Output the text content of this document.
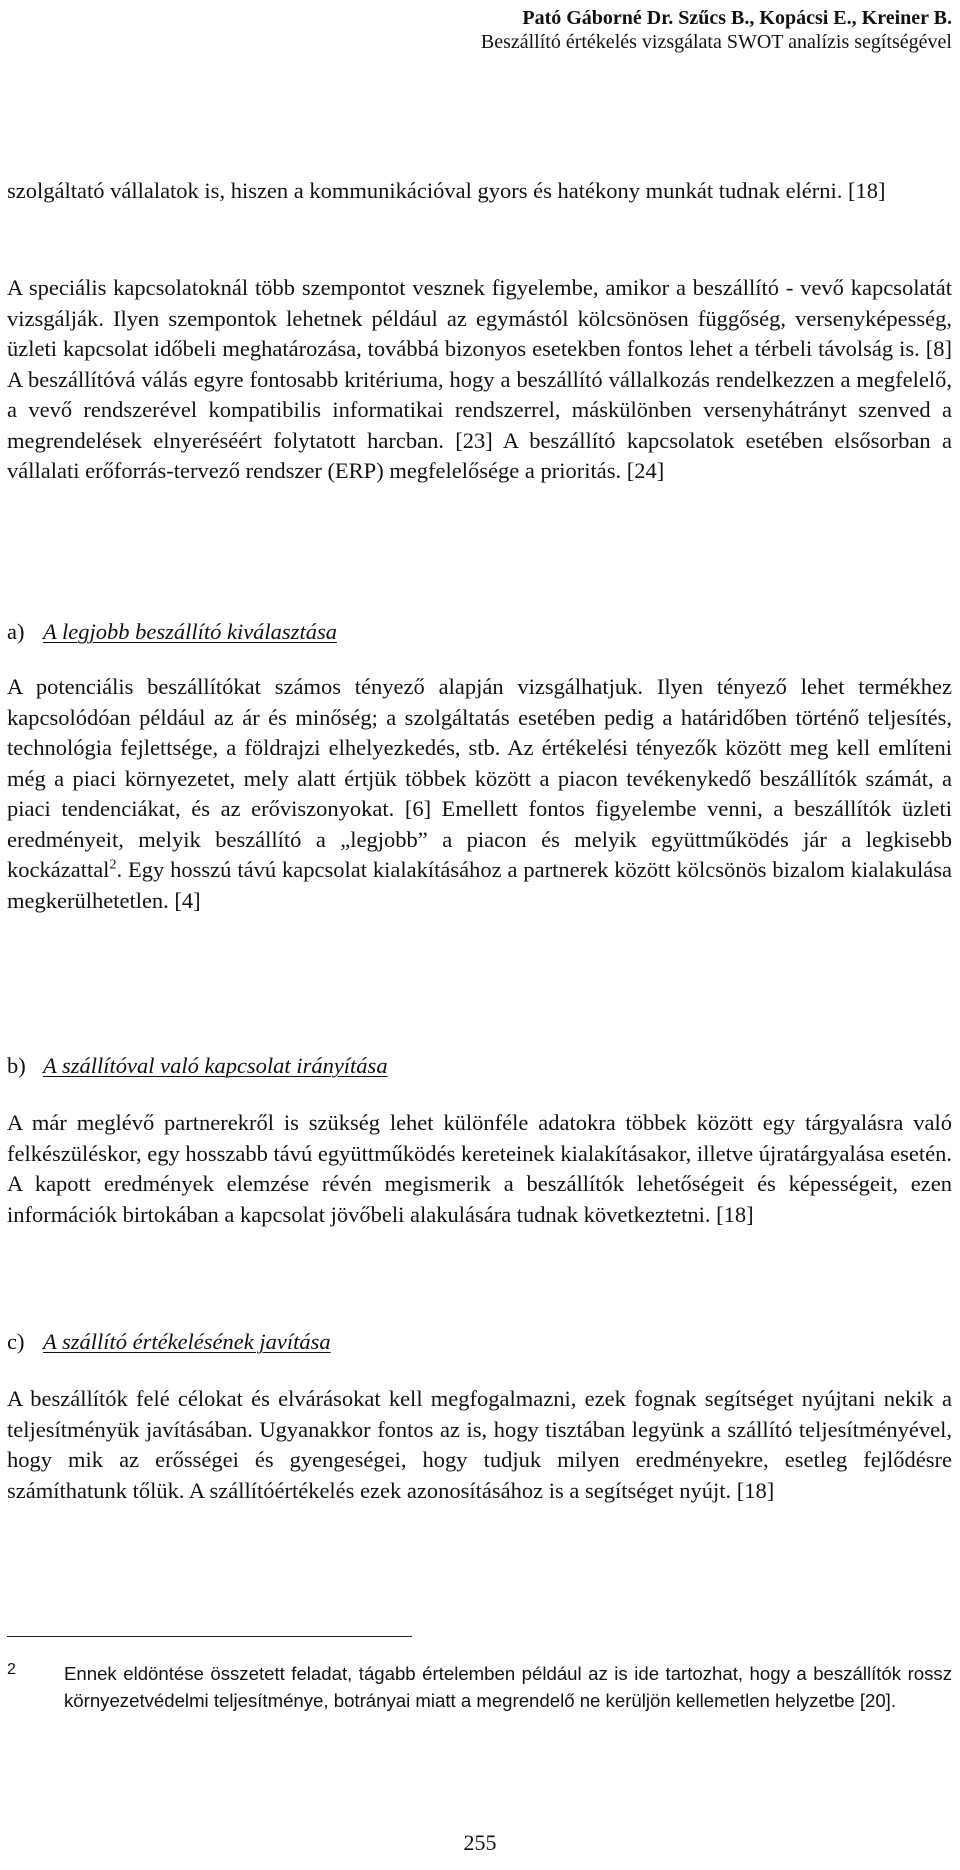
Pató Gáborné Dr. Szűcs B., Kopácsi E., Kreiner B.
Beszállító értékelés vizsgálata SWOT analízis segítségével

szolgáltató vállalatok is, hiszen a kommunikációval gyors és hatékony munkát tudnak elérni. [18]

A speciális kapcsolatoknál több szempontot vesznek figyelembe, amikor a beszállító - vevő kapcsolatát vizsgálják. Ilyen szempontok lehetnek például az egymástól kölcsönösen függőség, versenyképesség, üzleti kapcsolat időbeli meghatározása, továbbá bizonyos esetekben fontos lehet a térbeli távolság is. [8] A beszállítóvá válás egyre fontosabb kritériuma, hogy a beszállító vállalkozás rendelkezzen a megfelelő, a vevő rendszerével kompatibilis informatikai rendszerrel, máskülönben versenyhátrányt szenved a megrendelések elnyeréséért folytatott harcban. [23] A beszállító kapcsolatok esetében elsősorban a vállalati erőforrás-tervező rendszer (ERP) megfelelősége a prioritás. [24]

a) A legjobb beszállító kiválasztása

A potenciális beszállítókat számos tényező alapján vizsgálhatjuk. Ilyen tényező lehet termékhez kapcsolódóan például az ár és minőség; a szolgáltatás esetében pedig a határidőben történő teljesítés, technológia fejlettsége, a földrajzi elhelyezkedés, stb. Az értékelési tényezők között meg kell említeni még a piaci környezetet, mely alatt értjük többek között a piacon tevékenykedő beszállítók számát, a piaci tendenciákat, és az erőviszonyokat. [6] Emellett fontos figyelembe venni, a beszállítók üzleti eredményeit, melyik beszállító a „legjobb” a piacon és melyik együttműködés jár a legkisebb kockázattal$^2$. Egy hosszú távú kapcsolat kialakításához a partnerek között kölcsönös bizalom kialakulása megkerülhetetlen. [4]

b) A szállítóval való kapcsolat irányítása

A már meglévő partnerekről is szükség lehet különféle adatokra többek között egy tárgyalásra való felkészüléskor, egy hosszabb távú együttműködés kereteinek kialakításakor, illetve újratárgyalása esetén. A kapott eredmények elemzése révén megismerik a beszállítók lehetőségeit és képességeit, ezen információk birtokában a kapcsolat jövőbeli alakulására tudnak következtetni. [18]

c) A szállító értékelésének javítása

A beszállítók felé célokat és elvárásokat kell megfogalmazni, ezek fognak segítséget nyújtani nekik a teljesítményük javításában. Ugyanakkor fontos az is, hogy tisztában legyünk a szállító teljesítményével, hogy mik az erősségei és gyengeségei, hogy tudjuk milyen eredményekre, esetleg fejlődésre számíthatunk tőlük. A szállítóértékelés ezek azonosításához is a segítséget nyújt. [18]

2	Ennek eldöntése összetett feladat, tágabb értelemben például az is ide tartozhat, hogy a beszállítók rossz környezetvédelmi teljesítménye, botrányai miatt a megrendelő ne kerüljön kellemetlen helyzetbe [20].
255
